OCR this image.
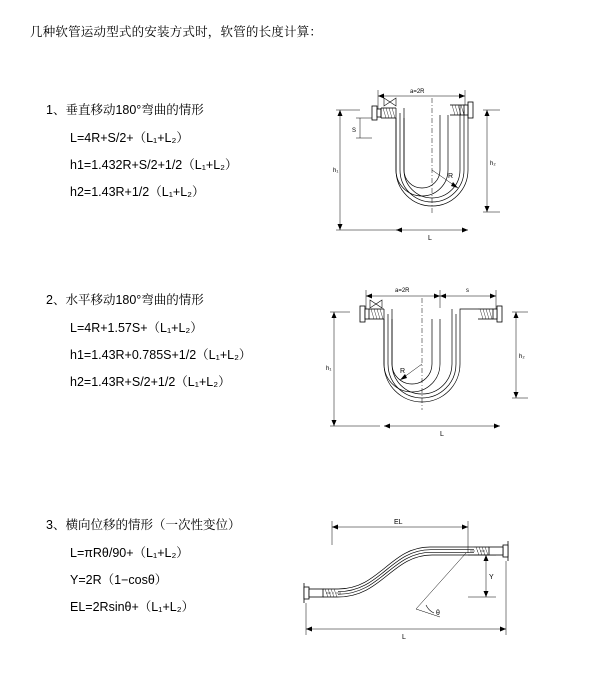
几种软管运动型式的安装方式时，软管的长度计算：
1、垂直移动180°弯曲的情形
L=4R+S/2+（L₁+L₂）
h1=1.432R+S/2+1/2（L₁+L₂）
h2=1.43R+1/2（L₁+L₂）
a=2R
h₁
h₂
S
R
L
2、水平移动180°弯曲的情形
L=4R+1.57S+（L₁+L₂）
h1=1.43R+0.785S+1/2（L₁+L₂）
h2=1.43R+S/2+1/2（L₁+L₂）
a=2R	s
h₁
h₂
R
L
3、横向位移的情形（一次性变位）
L=πRθ/90+（L₁+L₂）
Y=2R（1−cosθ）
EL=2Rsinθ+（L₁+L₂）
EL
Y
θ
L
